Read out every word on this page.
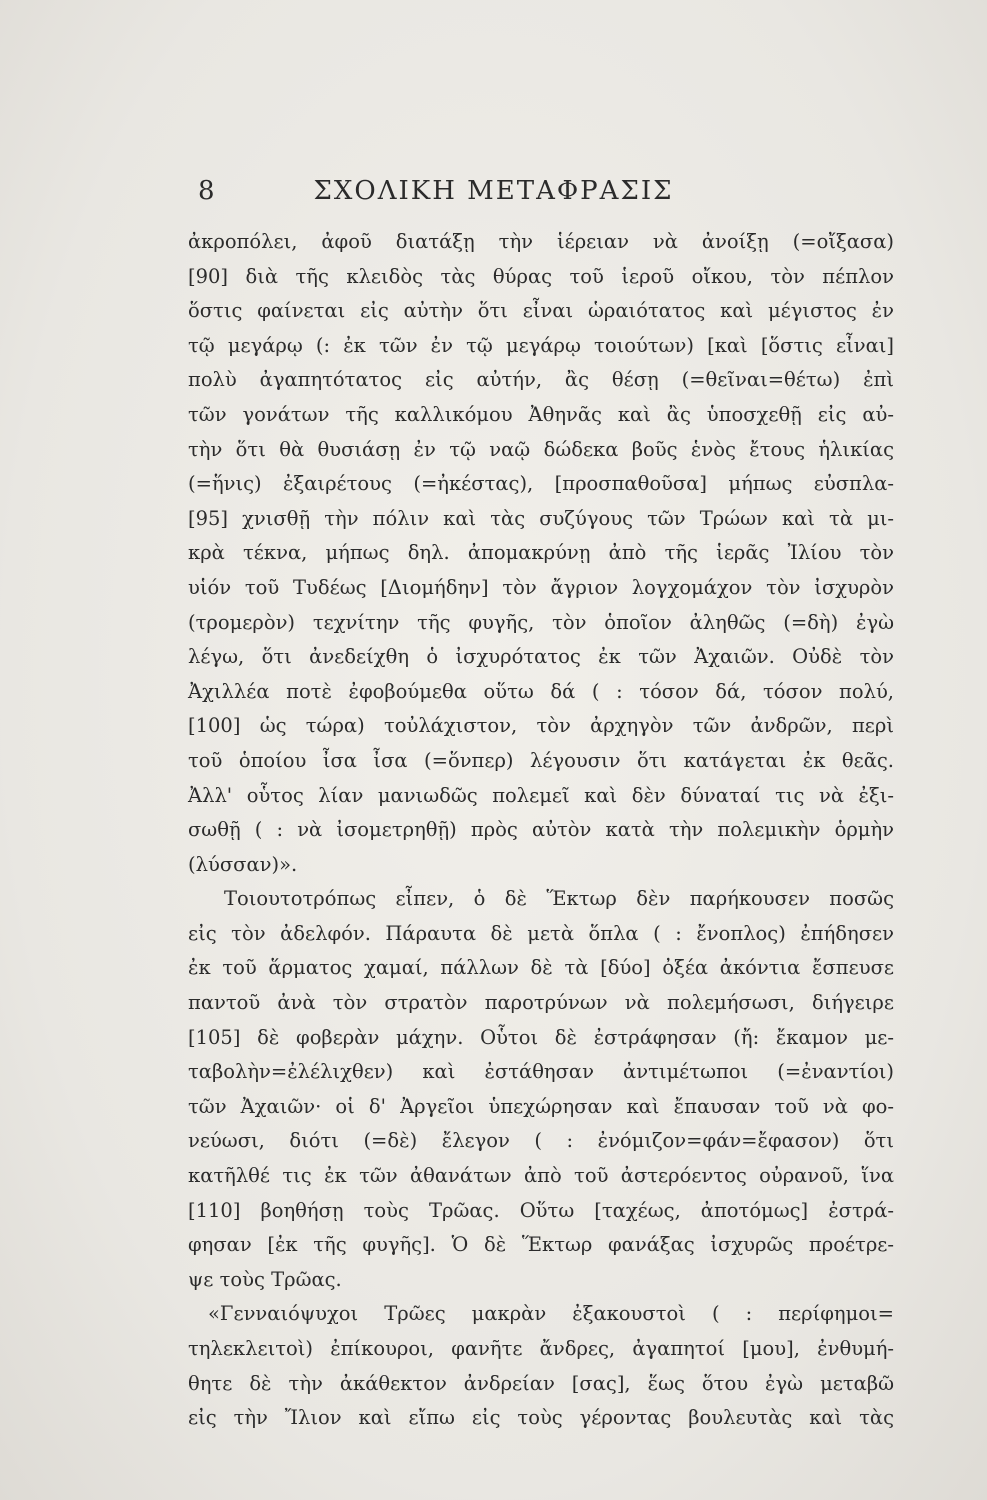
8	ΣΧΟΛΙΚΗ ΜΕΤΑΦΡΑΣΙΣ
ἀκροπόλει, ἀφοῦ διατάξῃ τὴν ἱέρειαν νὰ ἀνοίξῃ (=οἴξασα)
[90] διὰ τῆς κλειδὸς τὰς θύρας τοῦ ἱεροῦ οἴκου, τὸν πέπλον
ὅστις φαίνεται εἰς αὐτὴν ὅτι εἶναι ὡραιότατος καὶ μέγιστος ἐν
τῷ μεγάρῳ (: ἐκ τῶν ἐν τῷ μεγάρῳ τοιούτων) [καὶ [ὅστις εἶναι]
πολὺ ἀγαπητότατος εἰς αὐτήν, ἂς θέσῃ (=θεῖναι=θέτω) ἐπὶ
τῶν γονάτων τῆς καλλικόμου Ἀθηνᾶς καὶ ἂς ὑποσχεθῇ εἰς αὐ-
τὴν ὅτι θὰ θυσιάσῃ ἐν τῷ ναῷ δώδεκα βοῦς ἑνὸς ἔτους ἡλικίας
(=ἥνις) ἐξαιρέτους (=ἠκέστας), [προσπαθοῦσα] μήπως εὐσπλα-
[95] χνισθῇ τὴν πόλιν καὶ τὰς συζύγους τῶν Τρώων καὶ τὰ μι-
κρὰ τέκνα, μήπως δηλ. ἀπομακρύνῃ ἀπὸ τῆς ἱερᾶς Ἰλίου τὸν
υἱόν τοῦ Τυδέως [Διομήδην] τὸν ἄγριον λογχομάχον τὸν ἰσχυρὸν
(τρομερὸν) τεχνίτην τῆς φυγῆς, τὸν ὁποῖον ἀληθῶς (=δὴ) ἐγὼ
λέγω, ὅτι ἀνεδείχθη ὁ ἰσχυρότατος ἐκ τῶν Ἀχαιῶν. Οὐδὲ τὸν
Ἀχιλλέα ποτὲ ἐφοβούμεθα οὕτω δά ( : τόσον δά, τόσον πολύ,
[100] ὡς τώρα) τοὐλάχιστον, τὸν ἀρχηγὸν τῶν ἀνδρῶν, περὶ
τοῦ ὁποίου ἶσα ἶσα (=ὅνπερ) λέγουσιν ὅτι κατάγεται ἐκ θεᾶς.
Ἀλλ' οὗτος λίαν μανιωδῶς πολεμεῖ καὶ δὲν δύναταί τις νὰ ἐξι-
σωθῇ ( : νὰ ἰσομετρηθῇ) πρὸς αὐτὸν κατὰ τὴν πολεμικὴν ὁρμὴν
(λύσσαν)».
Τοιουτοτρόπως εἶπεν, ὁ δὲ Ἕκτωρ δὲν παρήκουσεν ποσῶς
εἰς τὸν ἀδελφόν. Πάραυτα δὲ μετὰ ὅπλα ( : ἔνοπλος) ἐπήδησεν
ἐκ τοῦ ἅρματος χαμαί, πάλλων δὲ τὰ [δύο] ὀξέα ἀκόντια ἔσπευσε
παντοῦ ἀνὰ τὸν στρατὸν παροτρύνων νὰ πολεμήσωσι, διήγειρε
[105] δὲ φοβερὰν μάχην. Οὗτοι δὲ ἐστράφησαν (ἤ: ἔκαμον με-
ταβολὴν=ἐλέλιχθεν) καὶ ἐστάθησαν ἀντιμέτωποι (=ἐναντίοι)
τῶν Ἀχαιῶν· οἱ δ' Ἀργεῖοι ὑπεχώρησαν καὶ ἔπαυσαν τοῦ νὰ φο-
νεύωσι, διότι (=δὲ) ἔλεγον ( : ἐνόμιζον=φάν=ἔφασον) ὅτι
κατῆλθέ τις ἐκ τῶν ἀθανάτων ἀπὸ τοῦ ἀστερόεντος οὐρανοῦ, ἵνα
[110] βοηθήσῃ τοὺς Τρῶας. Οὕτω [ταχέως, ἀποτόμως] ἐστρά-
φησαν [ἐκ τῆς φυγῆς]. Ὁ δὲ Ἕκτωρ φανάξας ἰσχυρῶς προέτρε-
ψε τοὺς Τρῶας.
«Γενναιόψυχοι Τρῶες μακρὰν ἐξακουστοὶ ( : περίφημοι=
τηλεκλειτοὶ) ἐπίκουροι, φανῆτε ἄνδρες, ἀγαπητοί [μου], ἐνθυμή-
θητε δὲ τὴν ἀκάθεκτον ἀνδρείαν [σας], ἕως ὅτου ἐγὼ μεταβῶ
εἰς τὴν Ἴλιον καὶ εἴπω εἰς τοὺς γέροντας βουλευτὰς καὶ τὰς
